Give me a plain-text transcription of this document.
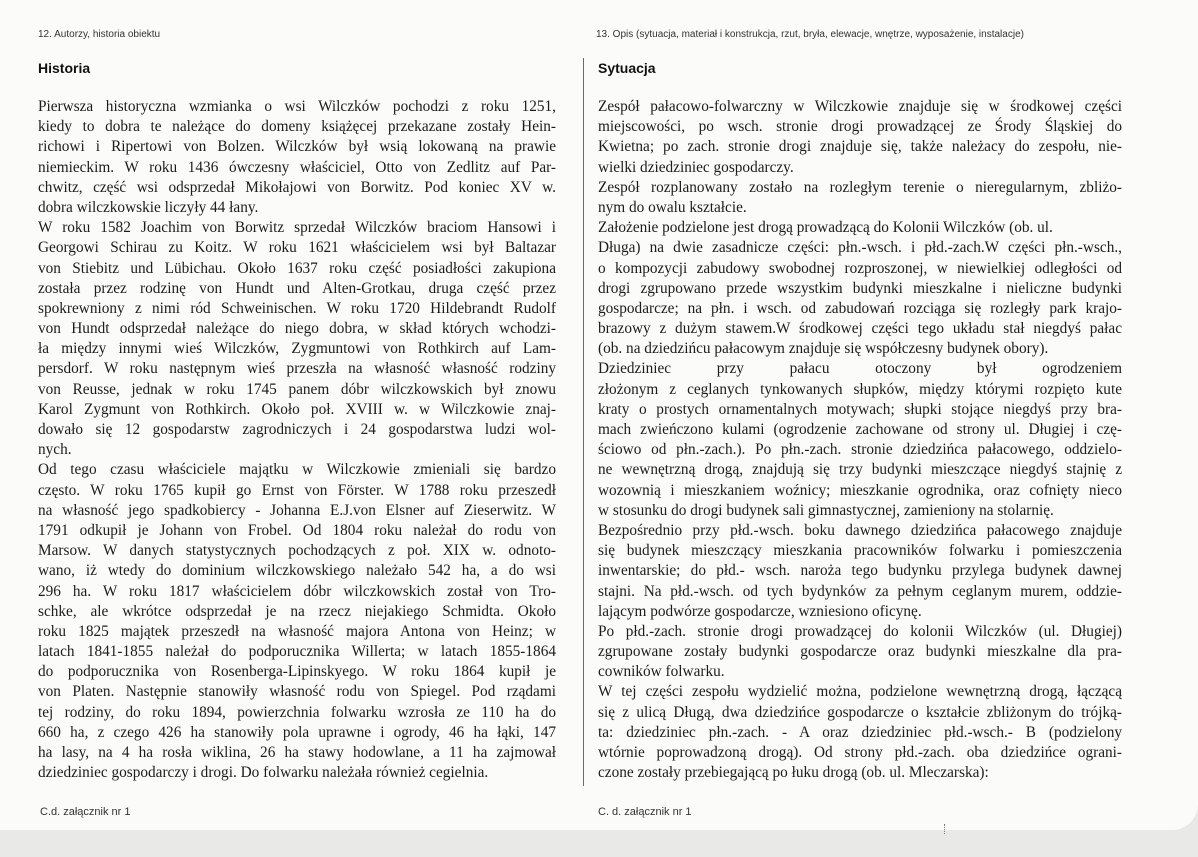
12. Autorzy, historia obiektu	13. Opis (sytuacja, materiał i konstrukcja, rzut, bryła, elewacje, wnętrze, wyposażenie, instalacje)
Historia	Sytuacja
Pierwsza historyczna wzmianka o wsi Wilczków pochodzi z roku 1251,
kiedy to dobra te należące do domeny książęcej przekazane zostały Hein-
richowi i Ripertowi von Bolzen. Wilczków był wsią lokowaną na prawie
niemieckim. W roku 1436 ówczesny właściciel, Otto von Zedlitz auf Par-
chwitz, część wsi odsprzedał Mikołajowi von Borwitz. Pod koniec XV w.
dobra wilczkowskie liczyły 44 łany.
W roku 1582 Joachim von Borwitz sprzedał Wilczków braciom Hansowi i
Georgowi Schirau zu Koitz. W roku 1621 właścicielem wsi był Baltazar
von Stiebitz und Lübichau. Około 1637 roku część posiadłości zakupiona
została przez rodzinę von Hundt und Alten-Grotkau, druga część przez
spokrewniony z nimi ród Schweinischen. W roku 1720 Hildebrandt Rudolf
von Hundt odsprzedał należące do niego dobra, w skład których wchodzi-
ła między innymi wieś Wilczków, Zygmuntowi von Rothkirch auf Lam-
persdorf. W roku następnym wieś przeszła na własność własność rodziny
von Reusse, jednak w roku 1745 panem dóbr wilczkowskich był znowu
Karol Zygmunt von Rothkirch. Około poł. XVIII w. w Wilczkowie znaj-
dowało się 12 gospodarstw zagrodniczych i 24 gospodarstwa ludzi wol-
nych.
Od tego czasu właściciele majątku w Wilczkowie zmieniali się bardzo
często. W roku 1765 kupił go Ernst von Förster. W 1788 roku przeszedł
na własność jego spadkobiercy - Johanna E.J.von Elsner auf Zieserwitz. W
1791 odkupił je Johann von Frobel. Od 1804 roku należał do rodu von
Marsow. W danych statystycznych pochodzących z poł. XIX w. odnoto-
wano, iż wtedy do dominium wilczkowskiego należało 542 ha, a do wsi
296 ha. W roku 1817 właścicielem dóbr wilczkowskich został von Tro-
schke, ale wkrótce odsprzedał je na rzecz niejakiego Schmidta. Około
roku 1825 majątek przeszedł na własność majora Antona von Heinz; w
latach 1841-1855 należał do podporucznika Willerta; w latach 1855-1864
do podporucznika von Rosenberga-Lipinskyego. W roku 1864 kupił je
von Platen. Następnie stanowiły własność rodu von Spiegel. Pod rządami
tej rodziny, do roku 1894, powierzchnia folwarku wzrosła ze 110 ha do
660 ha, z czego 426 ha stanowiły pola uprawne i ogrody, 46 ha łąki, 147
ha lasy, na 4 ha rosła wiklina, 26 ha stawy hodowlane, a 11 ha zajmował
dziedziniec gospodarczy i drogi. Do folwarku należała również cegielnia.
Zespół pałacowo-folwarczny w Wilczkowie znajduje się w środkowej części
miejscowości, po wsch. stronie drogi prowadzącej ze Środy Śląskiej do
Kwietna; po zach. stronie drogi znajduje się, także należacy do zespołu, nie-
wielki dziedziniec gospodarczy.
Zespół rozplanowany zostało na rozległym terenie o nieregularnym, zbliżo-
nym do owalu kształcie.
Założenie podzielone jest drogą prowadzącą do Kolonii Wilczków (ob. ul.
Długa) na dwie zasadnicze części: płn.-wsch. i płd.-zach.W części płn.-wsch.,
o kompozycji zabudowy swobodnej rozproszonej, w niewielkiej odległości od
drogi zgrupowano przede wszystkim budynki mieszkalne i nieliczne budynki
gospodarcze; na płn. i wsch. od zabudowań rozciąga się rozległy park krajo-
brazowy z dużym stawem.W środkowej części tego układu stał niegdyś pałac
(ob. na dziedzińcu pałacowym znajduje się współczesny budynek obory).
Dziedziniec przy pałacu otoczony był ogrodzeniem
złożonym z ceglanych tynkowanych słupków, między którymi rozpięto kute
kraty o prostych ornamentalnych motywach; słupki stojące niegdyś przy bra-
mach zwieńczono kulami (ogrodzenie zachowane od strony ul. Długiej i czę-
ściowo od płn.-zach.). Po płn.-zach. stronie dziedzińca pałacowego, oddzielo-
ne wewnętrzną drogą, znajdują się trzy budynki mieszczące niegdyś stajnię z
wozownią i mieszkaniem woźnicy; mieszkanie ogrodnika, oraz cofnięty nieco
w stosunku do drogi budynek sali gimnastycznej, zamieniony na stolarnię.
Bezpośrednio przy płd.-wsch. boku dawnego dziedzińca pałacowego znajduje
się budynek mieszczący mieszkania pracowników folwarku i pomieszczenia
inwentarskie; do płd.- wsch. naroża tego budynku przylega budynek dawnej
stajni. Na płd.-wsch. od tych bydynków za pełnym ceglanym murem, oddzie-
lającym podwórze gospodarcze, wzniesiono oficynę.
Po płd.-zach. stronie drogi prowadzącej do kolonii Wilczków (ul. Długiej)
zgrupowane zostały budynki gospodarcze oraz budynki mieszkalne dla pra-
cowników folwarku.
W tej części zespołu wydzielić można, podzielone wewnętrzną drogą, łączącą
się z ulicą Długą, dwa dziedzińce gospodarcze o kształcie zbliżonym do trójką-
ta: dziedziniec płn.-zach. - A oraz dziedziniec płd.-wsch.- B (podzielony
wtórnie poprowadzoną drogą). Od strony płd.-zach. oba dziedzińce ograni-
czone zostały przebiegającą po łuku drogą (ob. ul. Mleczarska):
C.d. załącznik nr 1	C. d. załącznik nr 1
